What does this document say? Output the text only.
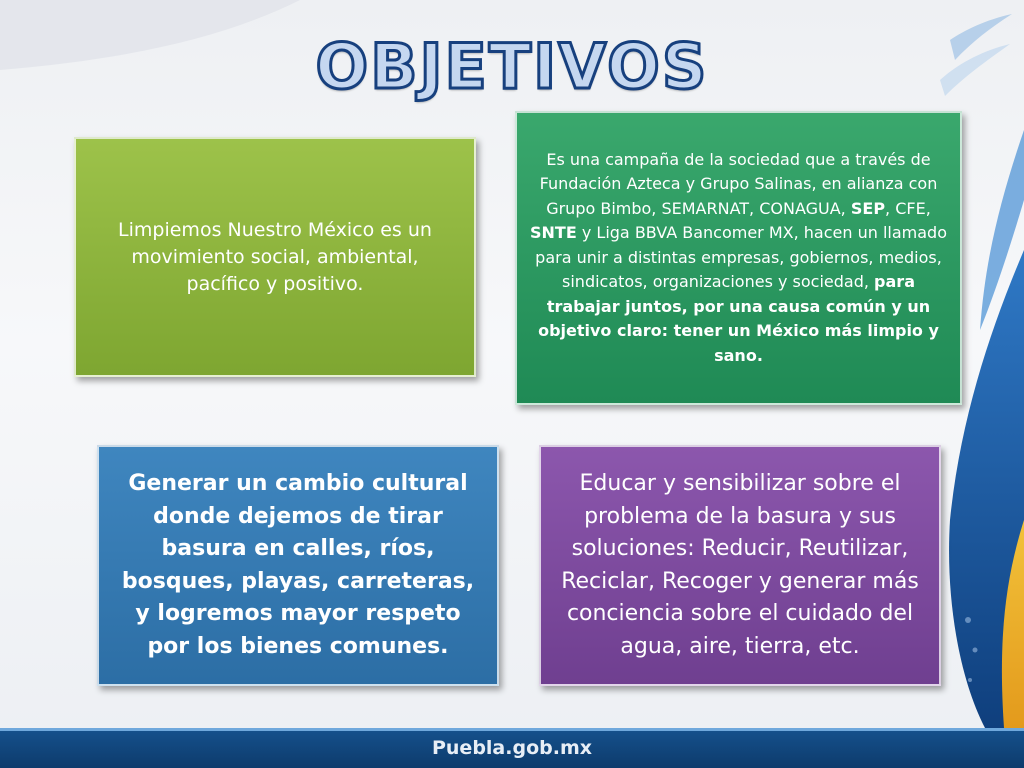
OBJETIVOS

Limpiemos Nuestro México es un movimiento social, ambiental, pacífico y positivo.

Es una campaña de la sociedad que a través de Fundación Azteca y Grupo Salinas, en alianza con Grupo Bimbo, SEMARNAT, CONAGUA, SEP, CFE, SNTE y Liga BBVA Bancomer MX, hacen un llamado para unir a distintas empresas, gobiernos, medios, sindicatos, organizaciones y sociedad, para trabajar juntos, por una causa común y un objetivo claro: tener un México más limpio y sano.

Generar un cambio cultural donde dejemos de tirar basura en calles, ríos, bosques, playas, carreteras, y logremos mayor respeto por los bienes comunes.

Educar y sensibilizar sobre el problema de la basura y sus soluciones: Reducir, Reutilizar, Reciclar, Recoger y generar más conciencia sobre el cuidado del agua, aire, tierra, etc.

Puebla.gob.mx
